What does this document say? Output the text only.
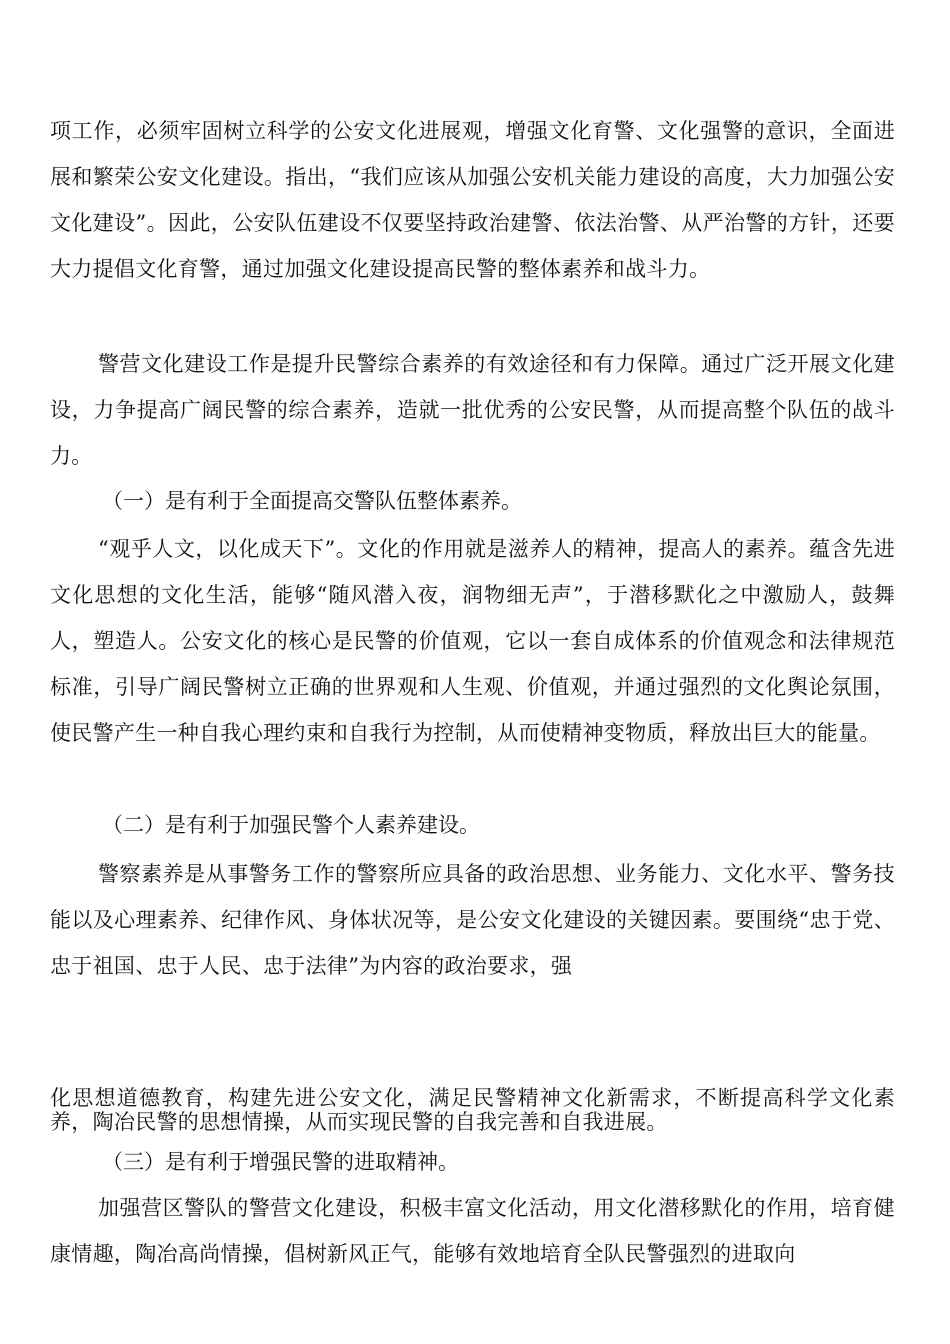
项工作，必须牢固树立科学的公安文化进展观，增强文化育警、文化强警的意识，全面进展和繁荣公安文化建设。指出，“我们应该从加强公安机关能力建设的高度，大力加强公安文化建设”。因此，公安队伍建设不仅要坚持政治建警、依法治警、从严治警的方针，还要大力提倡文化育警，通过加强文化建设提高民警的整体素养和战斗力。

警营文化建设工作是提升民警综合素养的有效途径和有力保障。通过广泛开展文化建设，力争提高广阔民警的综合素养，造就一批优秀的公安民警，从而提高整个队伍的战斗力。

（一）是有利于全面提高交警队伍整体素养。

“观乎人文，以化成天下”。文化的作用就是滋养人的精神，提高人的素养。蕴含先进文化思想的文化生活，能够“随风潜入夜，润物细无声”，于潜移默化之中激励人，鼓舞人，塑造人。公安文化的核心是民警的价值观，它以一套自成体系的价值观念和法律规范标准，引导广阔民警树立正确的世界观和人生观、价值观，并通过强烈的文化舆论氛围，使民警产生一种自我心理约束和自我行为控制，从而使精神变物质，释放出巨大的能量。

（二）是有利于加强民警个人素养建设。

警察素养是从事警务工作的警察所应具备的政治思想、业务能力、文化水平、警务技能以及心理素养、纪律作风、身体状况等，是公安文化建设的关键因素。要围绕“忠于党、忠于祖国、忠于人民、忠于法律”为内容的政治要求，强

化思想道德教育，构建先进公安文化，满足民警精神文化新需求，不断提高科学文化素养，陶冶民警的思想情操，从而实现民警的自我完善和自我进展。

（三）是有利于增强民警的进取精神。

加强营区警队的警营文化建设，积极丰富文化活动，用文化潜移默化的作用，培育健康情趣，陶冶高尚情操，倡树新风正气，能够有效地培育全队民警强烈的进取向
